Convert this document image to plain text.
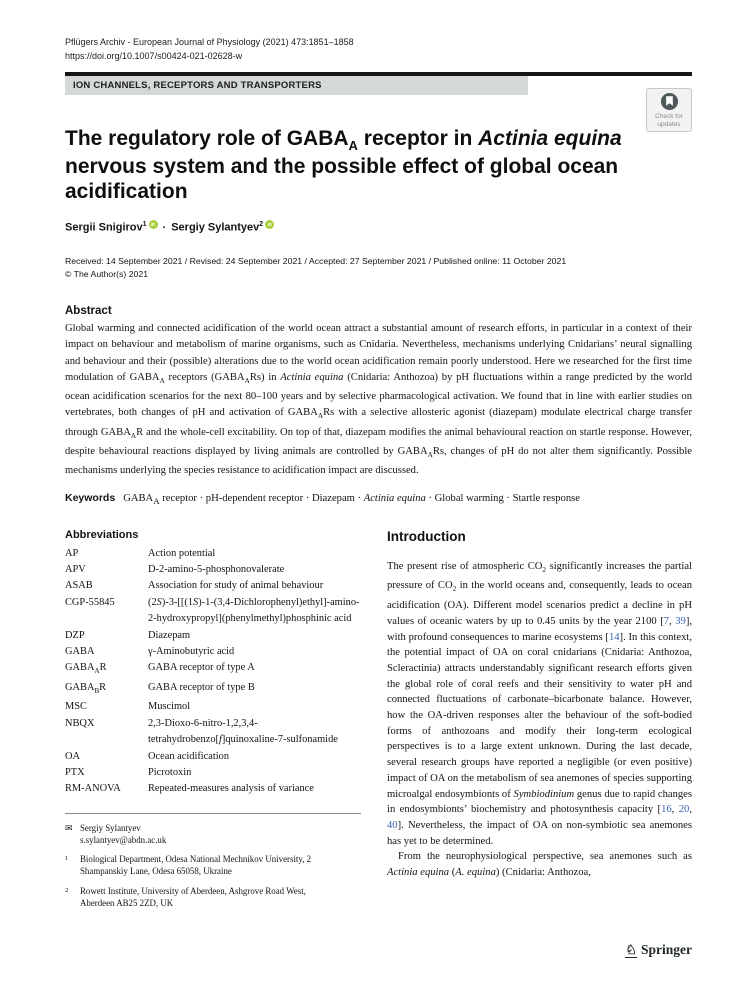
Pflügers Archiv - European Journal of Physiology (2021) 473:1851–1858
https://doi.org/10.1007/s00424-021-02628-w
ION CHANNELS, RECEPTORS AND TRANSPORTERS
Check for updates
The regulatory role of $GABA_A$ receptor in Actinia equina nervous system and the possible effect of global ocean acidification
Sergii Snigirov$^1$ iD · Sergiy Sylantyev$^2$ iD
Received: 14 September 2021 / Revised: 24 September 2021 / Accepted: 27 September 2021 / Published online: 11 October 2021
© The Author(s) 2021
Abstract

Global warming and connected acidification of the world ocean attract a substantial amount of research efforts, in particular in a context of their impact on behaviour and metabolism of marine organisms, such as Cnidaria. Nevertheless, mechanisms underlying Cnidarians’ neural signalling and behaviour and their (possible) alterations due to the world ocean acidification remain poorly understood. Here we researched for the first time modulation of $GABA_A$ receptors $(GABA_ARs)$ in Actinia equina (Cnidaria: Anthozoa) by pH fluctuations within a range predicted by the world ocean acidification scenarios for the next 80–100 years and by selective pharmacological activation. We found that in line with earlier studies on vertebrates, both changes of pH and activation of $GABA_ARs$ with a selective allosteric agonist (diazepam) modulate electrical charge transfer through $GABA_AR$ and the whole-cell excitability. On top of that, diazepam modifies the animal behavioural reaction on startle response. However, despite behavioural reactions displayed by living animals are controlled by $GABA_ARs$, changes of pH do not alter them significantly. Possible mechanisms underlying the species resistance to acidification impact are discussed.

Keywords $GABA_A$ receptor · pH-dependent receptor · Diazepam · Actinia equina · Global warming · Startle response
Abbreviations
AP	Action potential
APV	D-2-amino-5-phosphonovalerate
ASAB	Association for study of animal behaviour
CGP-55845	(2S)-3-[[(1S)-1-(3,4-Dichlorophenyl)ethyl]-amino-2-hydroxypropyl](phenylmethyl)phosphinic acid
DZP	Diazepam
GABA	γ-Aminobutyric acid
$GABA_AR$	GABA receptor of type A
$GABA_BR$	GABA receptor of type B
MSC	Muscimol
NBQX	2,3-Dioxo-6-nitro-1,2,3,4-tetrahydrobenzo[f]quinoxaline-7-sulfonamide
OA	Ocean acidification
PTX	Picrotoxin
RM-ANOVA	Repeated-measures analysis of variance
✉ Sergiy Sylantyev
s.sylantyev@abdn.ac.uk
1	Biological Department, Odesa National Mechnikov University, 2 Shampanskiy Lane, Odesa 65058, Ukraine
2	Rowett Institute, University of Aberdeen, Ashgrove Road West, Aberdeen AB25 2ZD, UK
Introduction

The present rise of atmospheric $CO_2$ significantly increases the partial pressure of $CO_2$ in the world oceans and, consequently, leads to ocean acidification (OA). Different model scenarios predict a decline in pH values of oceanic waters by up to 0.45 units by the year 2100 [7, 39], with profound consequences to marine ecosystems [14]. In this context, the potential impact of OA on coral cnidarians (Cnidaria: Anthozoa, Scleractinia) attracts understandably significant research efforts given the global role of coral reefs and their sensitivity to water pH and connected fluctuations of carbonate–bicarbonate balance. However, how the OA-driven responses alter the behaviour of the soft-bodied forms of anthozoans and modify their long-term ecological perspectives is to a large extent unknown. During the last decade, several research groups have reported a negligible (or even positive) impact of OA on the metabolism of sea anemones of species supporting microalgal endosymbionts of Symbiodinium genus due to rapid changes in endosymbionts’ biochemistry and photosynthesis capacity [16, 20, 40]. Nevertheless, the impact of OA on non-symbiotic sea anemones has yet to be determined.

From the neurophysiological perspective, sea anemones such as Actinia equina (A. equina) (Cnidaria: Anthozoa,

♘ Springer
